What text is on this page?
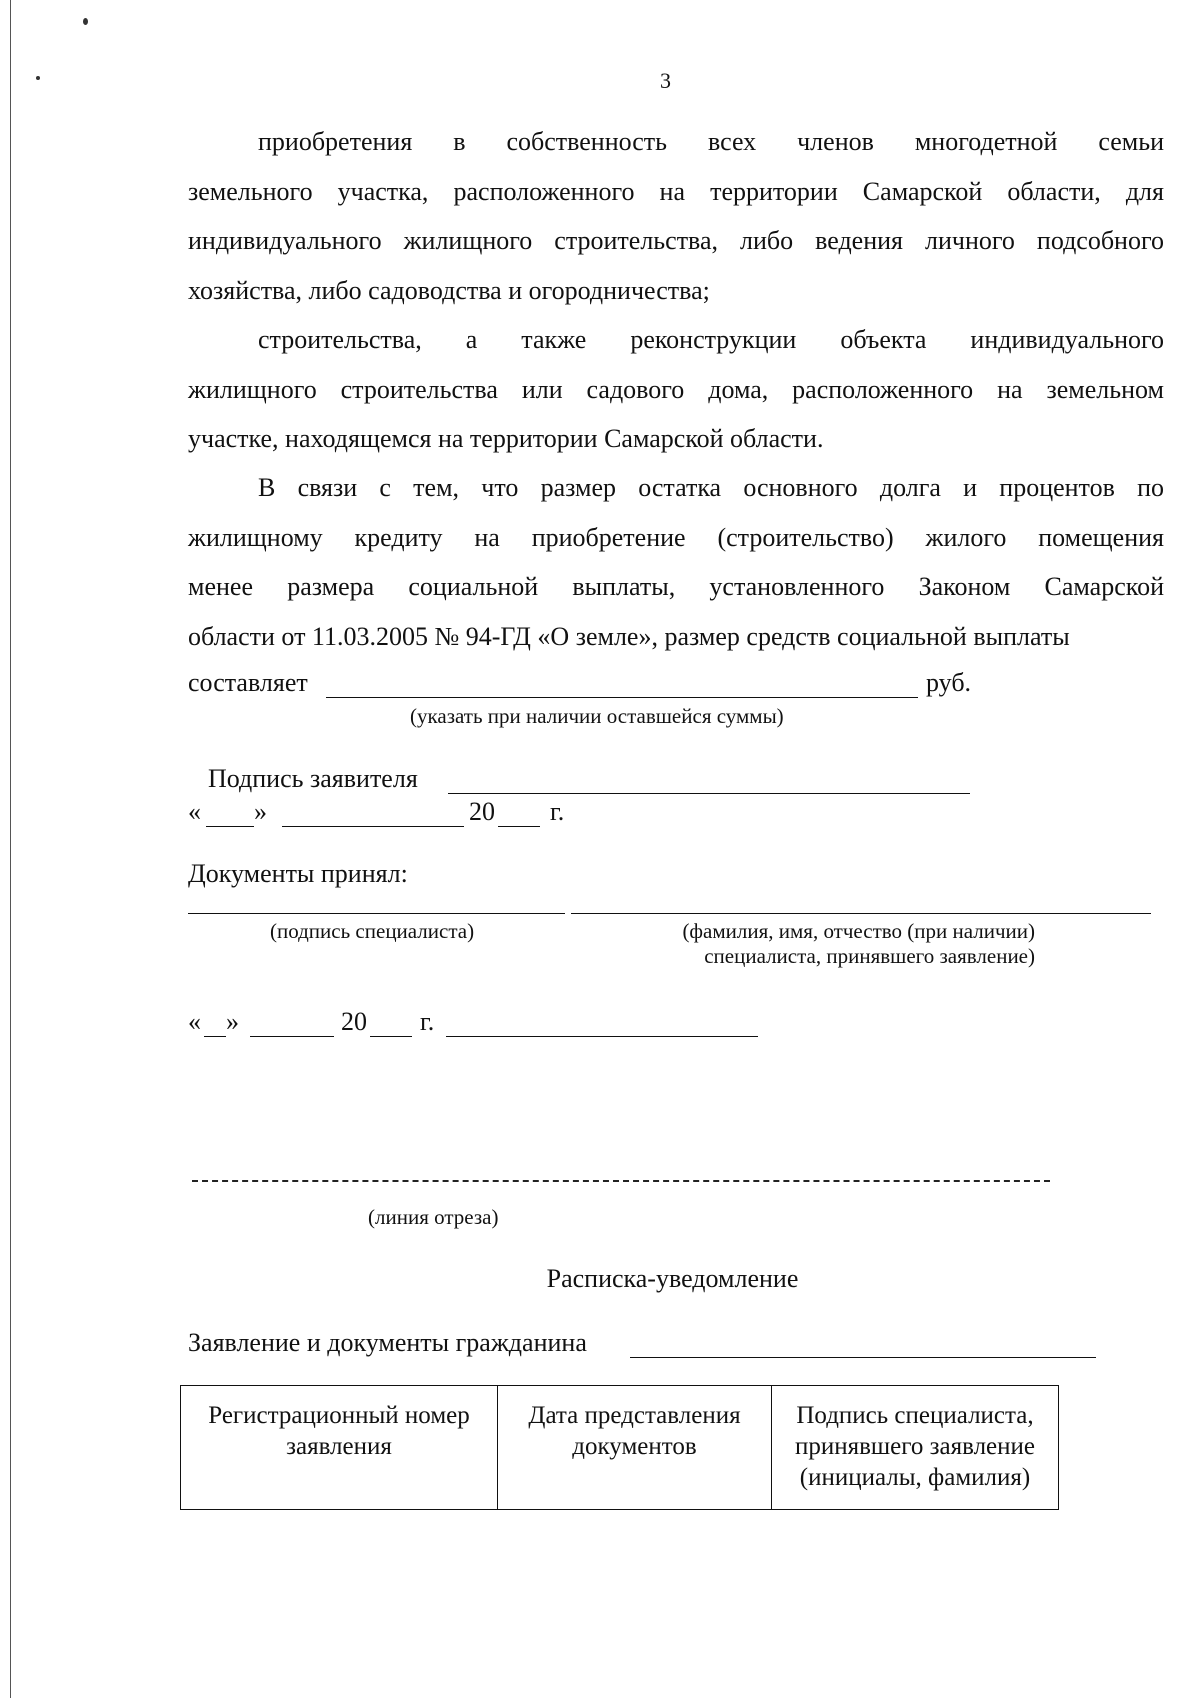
3
приобретения в собственность всех членов многодетной семьи
земельного участка, расположенного на территории Самарской области, для
индивидуального жилищного строительства, либо ведения личного подсобного
хозяйства, либо садоводства и огородничества;
строительства, а также реконструкции объекта индивидуального
жилищного строительства или садового дома, расположенного на земельном
участке, находящемся на территории Самарской области.
В связи с тем, что размер остатка основного долга и процентов по
жилищному кредиту на приобретение (строительство) жилого помещения
менее размера социальной выплаты, установленного Законом Самарской
области от 11.03.2005 № 94-ГД «О земле», размер средств социальной выплаты
составляет	руб.
(указать при наличии оставшейся суммы)
Подпись заявителя
« »	20 г.
Документы принял:
(подпись специалиста)	(фамилия, имя, отчество (при наличии)
специалиста, принявшего заявление)
« »	20 г.
(линия отреза)
Расписка-уведомление
Заявление и документы гражданина
Регистрационный номер заявления	Дата представления документов	Подпись специалиста, принявшего заявление (инициалы, фамилия)
